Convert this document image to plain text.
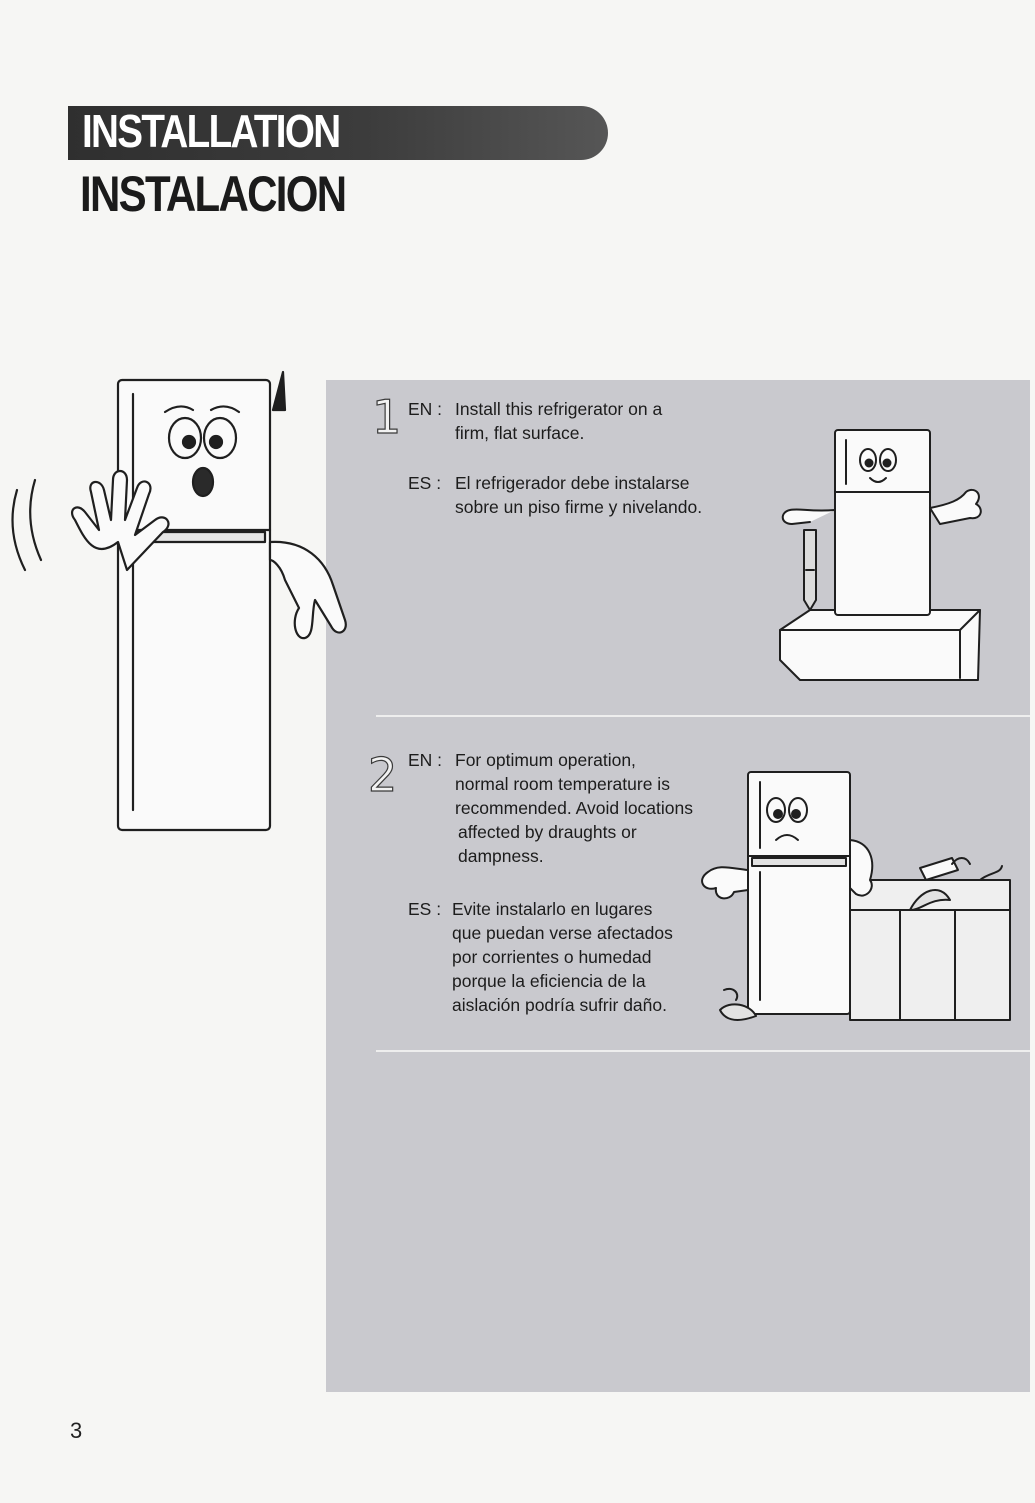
INSTALLATION
INSTALACION
1 EN : Install this refrigerator on a
firm, flat surface.
ES : El refrigerador debe instalarse
sobre un piso firme y nivelando.
2 EN : For optimum operation,
normal room temperature is
recommended. Avoid locations
affected by draughts or
dampness.
ES : Evite instalarlo en lugares
que puedan verse afectados
por corrientes o humedad
porque la eficiencia de la
aislación podría sufrir daño.
3
